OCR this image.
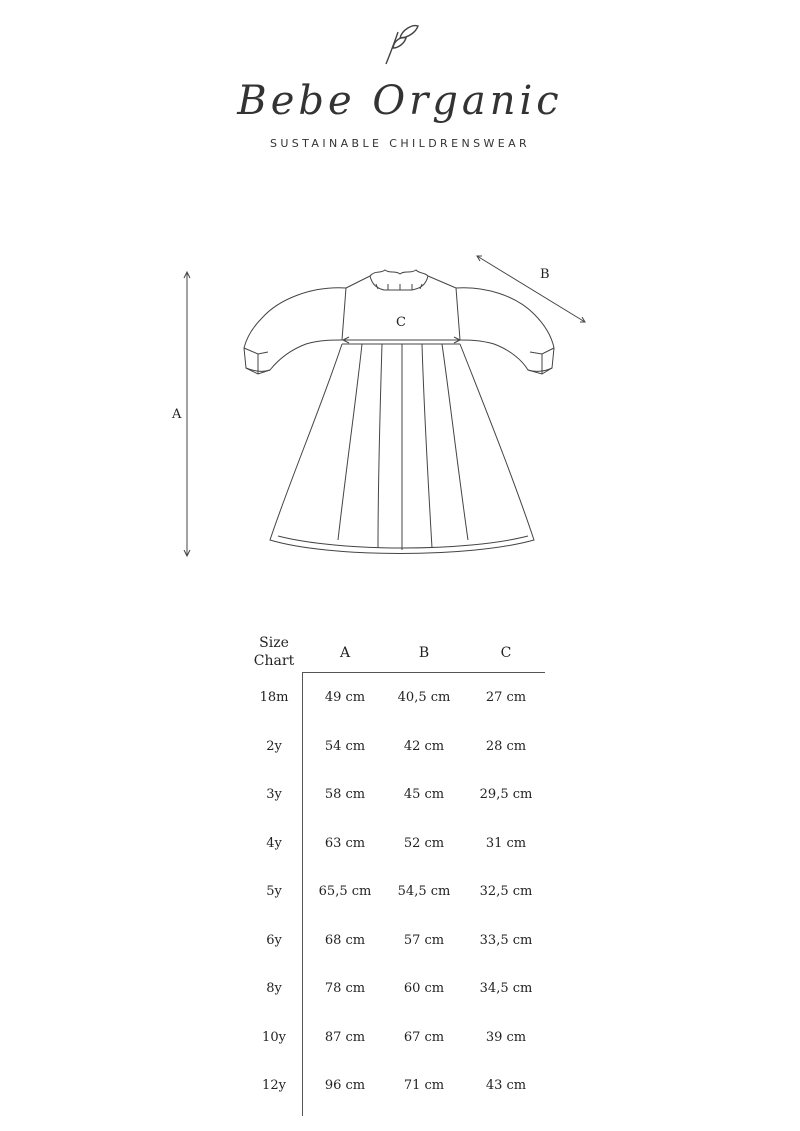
Bebe Organic
SUSTAINABLE CHILDRENSWEAR
A
B
C
Size
Chart	A	B	C
18m	49 cm	40,5 cm	27 cm
2y	54 cm	42 cm	28 cm
3y	58 cm	45 cm	29,5 cm
4y	63 cm	52 cm	31 cm
5y	65,5 cm	54,5 cm	32,5 cm
6y	68 cm	57 cm	33,5 cm
8y	78 cm	60 cm	34,5 cm
10y	87 cm	67 cm	39 cm
12y	96 cm	71 cm	43 cm
